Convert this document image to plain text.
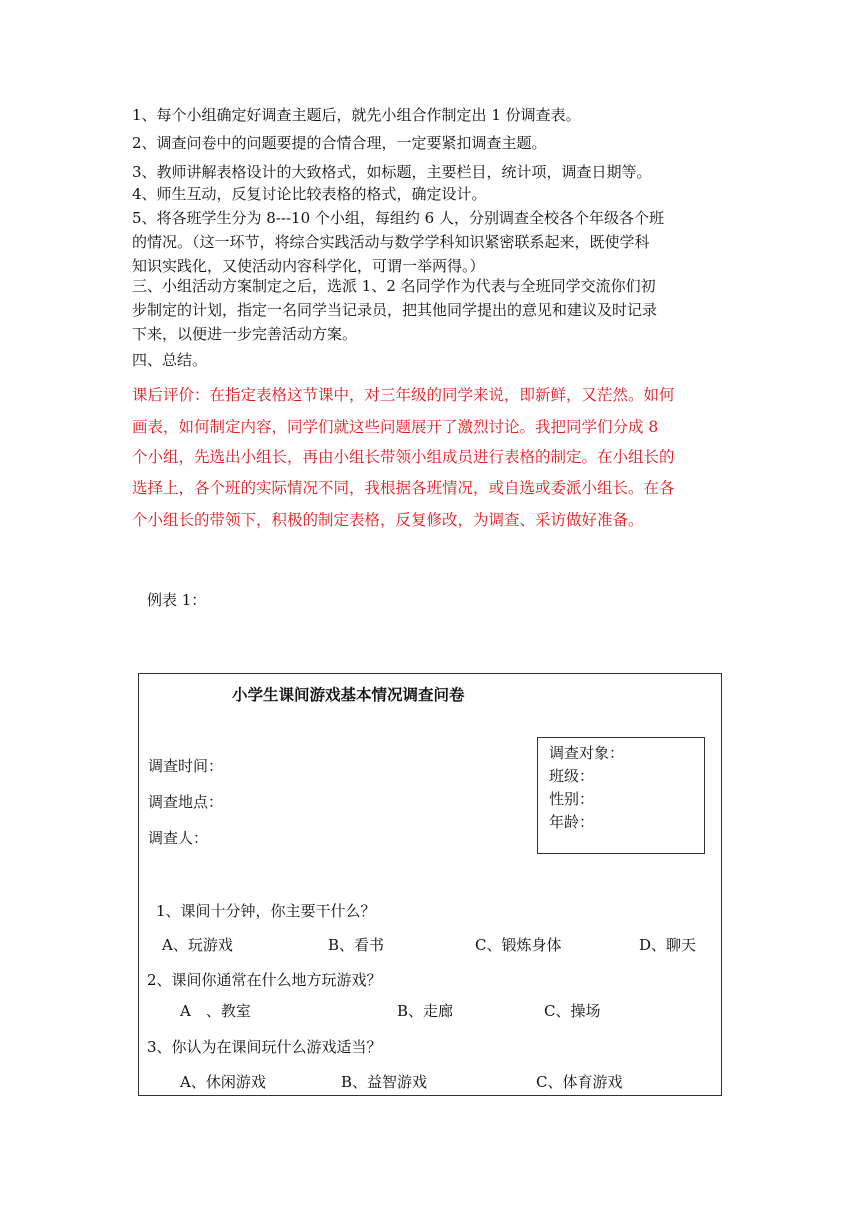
1、每个小组确定好调查主题后，就先小组合作制定出 1 份调查表。
2、调查问卷中的问题要提的合情合理，一定要紧扣调查主题。
3、教师讲解表格设计的大致格式，如标题，主要栏目，统计项，调查日期等。
4、师生互动，反复讨论比较表格的格式，确定设计。
5、将各班学生分为 8---10 个小组，每组约 6 人，分别调查全校各个年级各个班
的情况。（这一环节，将综合实践活动与数学学科知识紧密联系起来，既使学科
知识实践化，又使活动内容科学化，可谓一举两得。）
三、小组活动方案制定之后，选派 1、2 名同学作为代表与全班同学交流你们初
步制定的计划，指定一名同学当记录员，把其他同学提出的意见和建议及时记录
下来，以便进一步完善活动方案。
四、总结。
课后评价：在指定表格这节课中，对三年级的同学来说，即新鲜，又茫然。如何
画表，如何制定内容，同学们就这些问题展开了激烈讨论。我把同学们分成 8
个小组，先选出小组长，再由小组长带领小组成员进行表格的制定。在小组长的
选择上，各个班的实际情况不同，我根据各班情况，或自选或委派小组长。在各
个小组长的带领下，积极的制定表格，反复修改，为调查、采访做好准备。
例表 1：
小学生课间游戏基本情况调查问卷
调查时间：
调查地点：
调查人：
调查对象：
班级：
性别：
年龄：
1、课间十分钟，你主要干什么？
A、玩游戏	B、看书	C、锻炼身体	D、聊天
2、课间你通常在什么地方玩游戏？
A　、教室	B、走廊	C、操场
3、你认为在课间玩什么游戏适当？
A、休闲游戏	B、益智游戏	C、体育游戏
